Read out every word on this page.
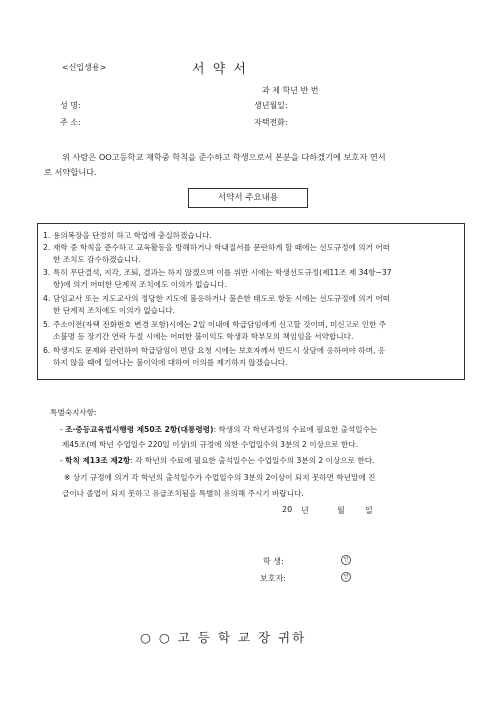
<신입생용>	서 약 서
과 제 학년 반 번
성 명:	생년월일:
주 소:	자택전화:
위 사람은 OO고등학교 재학중 학칙을 준수하고 학생으로서 본분을 다하겠기에 보호자 연서
로 서약합니다.
서약서 주요내용
1. 용의복장을 단정히 하고 학업에 충실하겠습니다.
2. 재학 중 학칙을 준수하고 교육활동을 방해하거나 학내질서를 문란하게 할 때에는 선도규정에 의거 어떠
한 조치도 감수하겠습니다.
3. 특히 무단결석, 지각, 조퇴, 결과는 하지 않겠으며 이를 위반 시에는 학생선도규정(제11조 제 34항~37
항)에 의거 어떠한 단계적 조치에도 이의가 없습니다.
4. 담임교사 또는 지도교사의 정당한 지도에 불응하거나 불손한 태도로 항동 시에는 선도규정에 의거 어떠
한 단계적 조치에도 이의가 없습니다.
5. 주소이전(자택 전화번호 변경 포함)시에는 2일 이내에 학급담임에게 신고할 것이며, 미신고로 인한 주
소불명 등 장기간 연락 두절 시에는 어떠한 불이익도 학생과 학부모의 책임임을 서약합니다.
6. 학생지도 문제와 관련하여 학급담임이 면담 요청 시에는 보호자께서 반드시 상담에 응하여야 하며, 응
하지 않을 때에 일어나는 불이익에 대하여 이의를 제기하지 않겠습니다.
특별숙지사항:
- 조·중등교육법시행령 제50조 2항(대통령령): 학생의 각 학년과정의 수료에 필요한 출석일수는
제45조(매 학년 수업일수 220일 이상)의 규정에 의한 수업일수의 3분의 2 이상으로 한다.
- 학칙 제13조 제2항: 각 학년의 수료에 필요한 출석일수는 수업일수의 3분의 2 이상으로 한다.
※ 상기 규정에 의거 각 학년의 출석일수가 수업일수의 3분의 2이상이 되지 못하면 학년말에 진
급이나 졸업이 되지 못하고 유급조치됨을 특별히 유의해 주시기 바랍니다.
20 년	월	일
학 생:	인
보호자:	인
○ ○ 고 등 학 교 장 귀하
